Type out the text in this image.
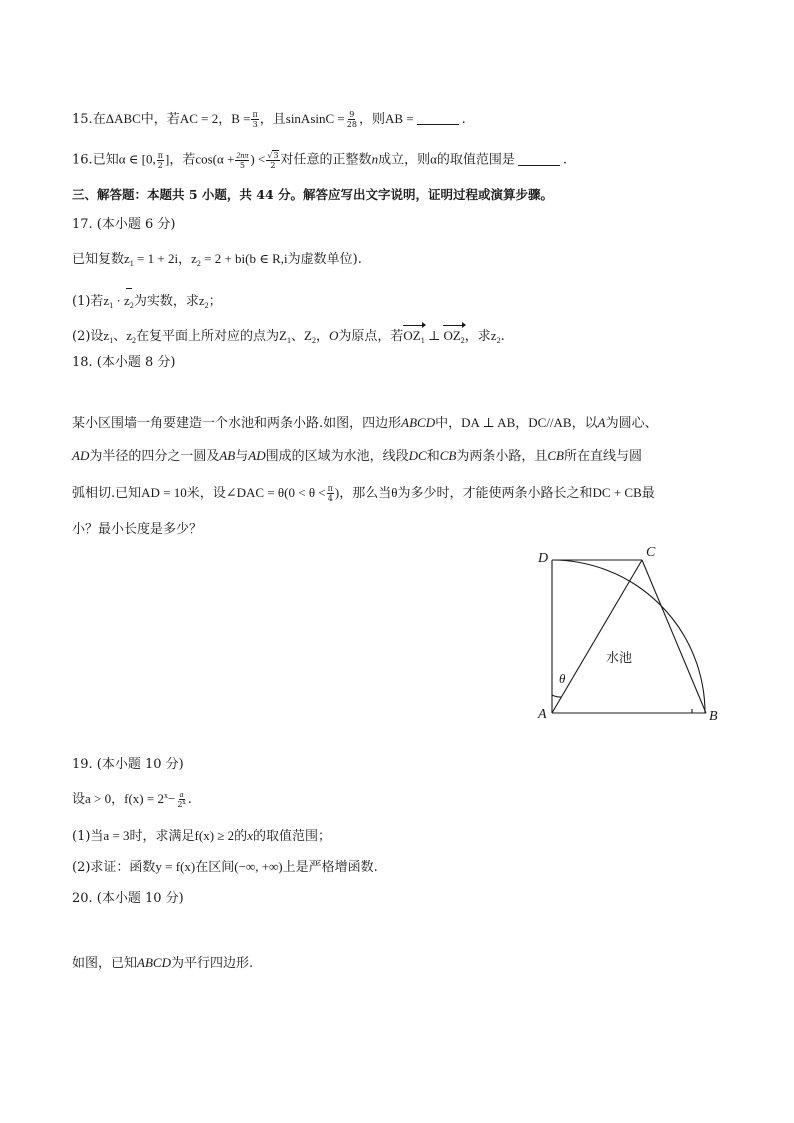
15.在ΔABC中，若AC = 2，$B = \frac{\pi}{3}$ ，且sinAsinC = $\frac{9}{28}$ ，则AB =	.
16.已知α ∈ [0, $\frac{\pi}{2}$ ]，若$\cos(\alpha + \frac{2n\pi}{5}$ ) < $\frac{√3}{2}$ 对任意的正整数n成立，则α的取值范围是	.
三、解答题：本题共 5 小题，共 44 分。解答应写出文字说明，证明过程或演算步骤。
17. (本小题 6 分)
已知复数$z_1 = 1 + 2i$，$z_2 = 2 + bi(b$ ∈ R,i为虚数单位).
(1)若$z_1 \cdot z_2$为实数，求$z_2$；
(2)设$z_1$、$z_2$在复平面上所对应的点为$Z_1$、$Z_2$，O为原点，若$OZ_1$ ⊥ $OZ_2$，求$z_2$.
18. (本小题 8 分)
某小区围墙一角要建造一个水池和两条小路.如图，四边形ABCD中，DA ⊥ AB，DC//AB，以A为圆心、
AD为半径的四分之一圆及AB与AD围成的区域为水池，线段DC和CB为两条小路，且CB所在直线与圆
弧相切.已知AD = 10米，设∠DAC = $\theta(0 < \theta < \frac{\pi}{4}$ )，那么当θ为多少时，才能使两条小路长之和DC + CB最
小？最小长度是多少？
D	C
A	B
θ
水池
19. (本小题 10 分)
设a > 0，$f(x) = 2^x- \frac{a}{2^x}$ .
(1)当a = 3时，求满足f(x) ≥ 2的x的取值范围；
(2)求证：函数y = f(x)在区间(−∞, +∞)上是严格增函数.
20. (本小题 10 分)
如图，已知ABCD为平行四边形.
